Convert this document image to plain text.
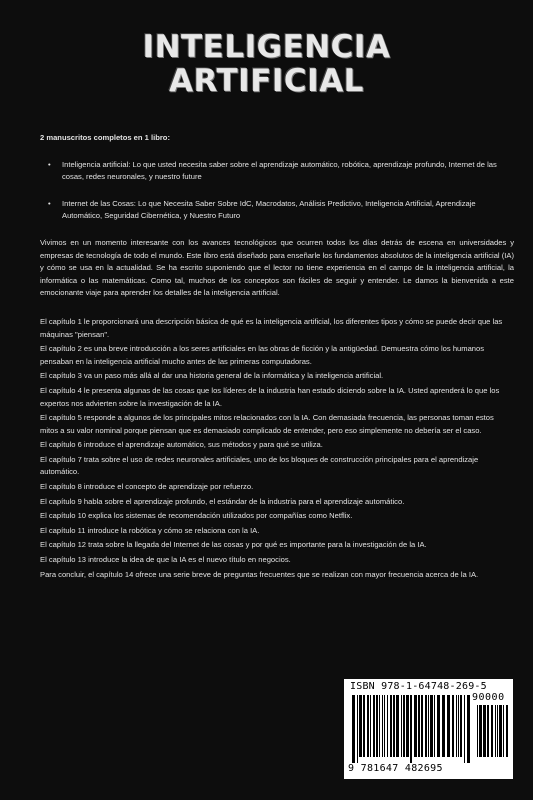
INTELIGENCIA
ARTIFICIAL
2 manuscritos completos en 1 libro:
• Inteligencia artificial: Lo que usted necesita saber sobre el aprendizaje automático, robótica, aprendizaje profundo, Internet de las cosas, redes neuronales, y nuestro future
• Internet de las Cosas: Lo que Necesita Saber Sobre IdC, Macrodatos, Análisis Predictivo, Inteligencia Artificial, Aprendizaje Automático, Seguridad Cibernética, y Nuestro Futuro

Vivimos en un momento interesante con los avances tecnológicos que ocurren todos los días detrás de escena en universidades y empresas de tecnología de todo el mundo. Este libro está diseñado para enseñarle los fundamentos absolutos de la inteligencia artificial (IA) y cómo se usa en la actualidad. Se ha escrito suponiendo que el lector no tiene experiencia en el campo de la inteligencia artificial, la informática o las matemáticas. Como tal, muchos de los conceptos son fáciles de seguir y entender. Le damos la bienvenida a este emocionante viaje para aprender los detalles de la inteligencia artificial.

El capítulo 1 le proporcionará una descripción básica de qué es la inteligencia artificial, los diferentes tipos y cómo se puede decir que las máquinas "piensan".

El capítulo 2 es una breve introducción a los seres artificiales en las obras de ficción y la antigüedad. Demuestra cómo los humanos pensaban en la inteligencia artificial mucho antes de las primeras computadoras.

El capítulo 3 va un paso más allá al dar una historia general de la informática y la inteligencia artificial.

El capítulo 4 le presenta algunas de las cosas que los líderes de la industria han estado diciendo sobre la IA. Usted aprenderá lo que los expertos nos advierten sobre la investigación de la IA.

El capítulo 5 responde a algunos de los principales mitos relacionados con la IA. Con demasiada frecuencia, las personas toman estos mitos a su valor nominal porque piensan que es demasiado complicado de entender, pero eso simplemente no debería ser el caso.

El capítulo 6 introduce el aprendizaje automático, sus métodos y para qué se utiliza.

El capítulo 7 trata sobre el uso de redes neuronales artificiales, uno de los bloques de construcción principales para el aprendizaje automático.

El capítulo 8 introduce el concepto de aprendizaje por refuerzo.

El capítulo 9 habla sobre el aprendizaje profundo, el estándar de la industria para el aprendizaje automático.

El capítulo 10 explica los sistemas de recomendación utilizados por compañías como Netflix.

El capítulo 11 introduce la robótica y cómo se relaciona con la IA.

El capítulo 12 trata sobre la llegada del Internet de las cosas y por qué es importante para la investigación de la IA.

El capítulo 13 introduce la idea de que la IA es el nuevo título en negocios.

Para concluir, el capítulo 14 ofrece una serie breve de preguntas frecuentes que se realizan con mayor frecuencia acerca de la IA.

ISBN 978-1-64748-269-5
90000
9 781647 482695
